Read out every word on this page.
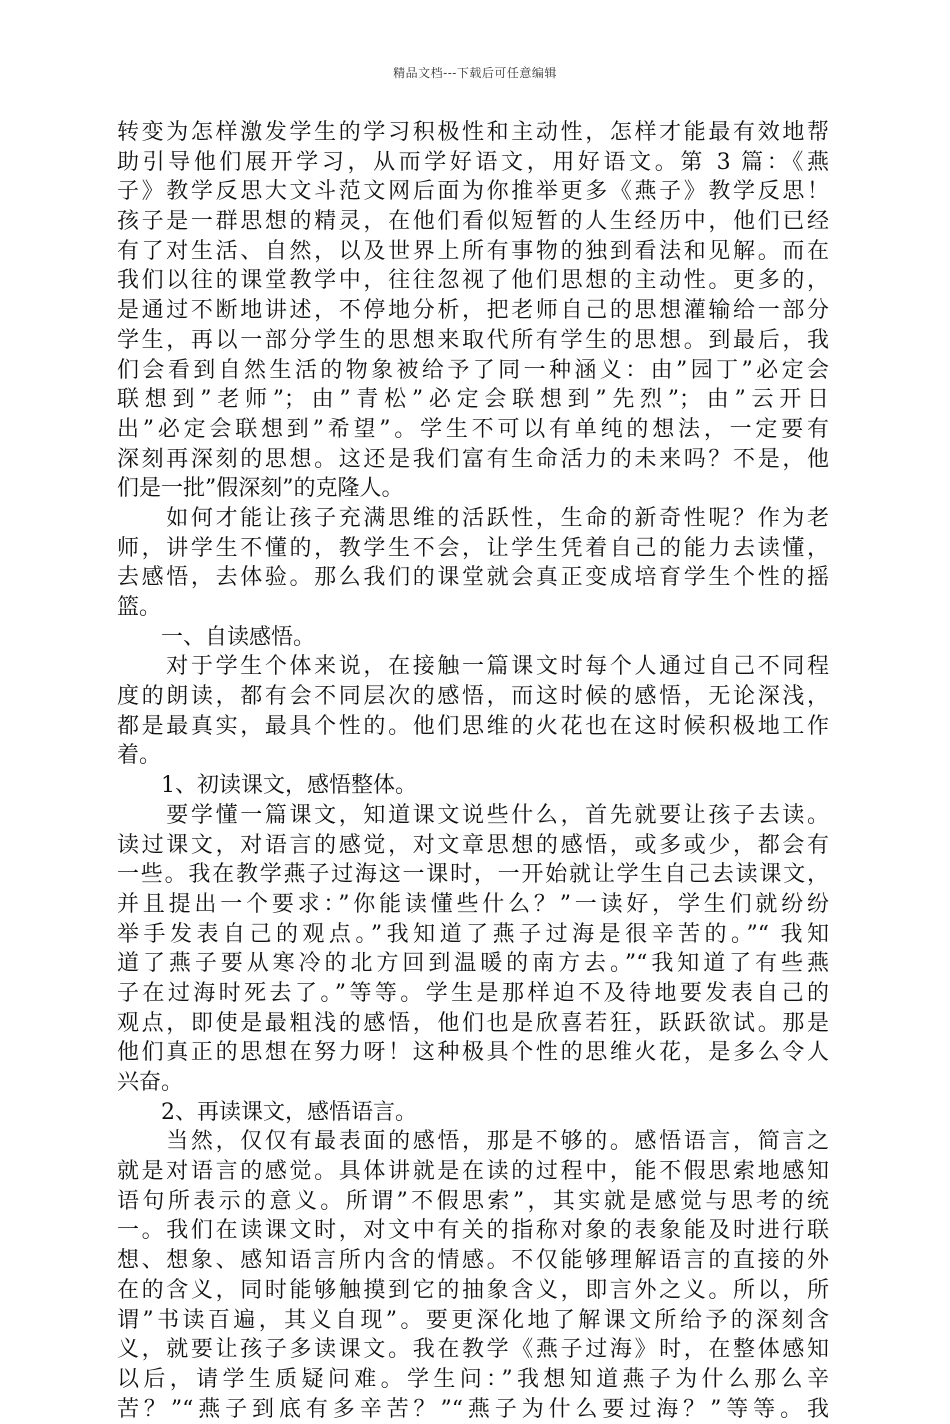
精品文档---下载后可任意编辑
转变为怎样激发学生的学习积极性和主动性，怎样才能最有效地帮
助引导他们展开学习，从而学好语文，用好语文。第 3 篇：《燕
子》教学反思大文斗范文网后面为你推举更多《燕子》教学反思！
孩子是一群思想的精灵，在他们看似短暂的人生经历中，他们已经
有了对生活、自然，以及世界上所有事物的独到看法和见解。而在
我们以往的课堂教学中，往往忽视了他们思想的主动性。更多的，
是通过不断地讲述，不停地分析，把老师自己的思想灌输给一部分
学生，再以一部分学生的思想来取代所有学生的思想。到最后，我
们会看到自然生活的物象被给予了同一种涵义：由”园丁”必定会
联想到”老师”；由”青松”必定会联想到”先烈”；由”云开日
出”必定会联想到”希望”。学生不可以有单纯的想法，一定要有
深刻再深刻的思想。这还是我们富有生命活力的未来吗？不是，他
们是一批”假深刻”的克隆人。
　　如何才能让孩子充满思维的活跃性，生命的新奇性呢？作为老
师，讲学生不懂的，教学生不会，让学生凭着自己的能力去读懂，
去感悟，去体验。那么我们的课堂就会真正变成培育学生个性的摇
篮。
　　一、自读感悟。
　　对于学生个体来说，在接触一篇课文时每个人通过自己不同程
度的朗读，都有会不同层次的感悟，而这时候的感悟，无论深浅，
都是最真实，最具个性的。他们思维的火花也在这时候积极地工作
着。
　　1、初读课文，感悟整体。
　　要学懂一篇课文，知道课文说些什么，首先就要让孩子去读。
读过课文，对语言的感觉，对文章思想的感悟，或多或少，都会有
一些。我在教学燕子过海这一课时，一开始就让学生自己去读课文，
并且提出一个要求：”你能读懂些什么？”一读好，学生们就纷纷
举手发表自己的观点。”我知道了燕子过海是很辛苦的。”“ 我知
道了燕子要从寒冷的北方回到温暖的南方去。”“我知道了有些燕
子在过海时死去了。”等等。学生是那样迫不及待地要发表自己的
观点，即使是最粗浅的感悟，他们也是欣喜若狂，跃跃欲试。那是
他们真正的思想在努力呀！这种极具个性的思维火花，是多么令人
兴奋。
　　2、再读课文，感悟语言。
　　当然，仅仅有最表面的感悟，那是不够的。感悟语言，简言之
就是对语言的感觉。具体讲就是在读的过程中，能不假思索地感知
语句所表示的意义。所谓”不假思索”，其实就是感觉与思考的统
一。我们在读课文时，对文中有关的指称对象的表象能及时进行联
想、想象、感知语言所内含的情感。不仅能够理解语言的直接的外
在的含义，同时能够触摸到它的抽象含义，即言外之义。所以，所
谓”书读百遍，其义自现”。要更深化地了解课文所给予的深刻含
义，就要让孩子多读课文。我在教学《燕子过海》时，在整体感知
以后，请学生质疑问难。学生问：”我想知道燕子为什么那么辛
苦？”“燕子到底有多辛苦？”“燕子为什么要过海？”等等。我
